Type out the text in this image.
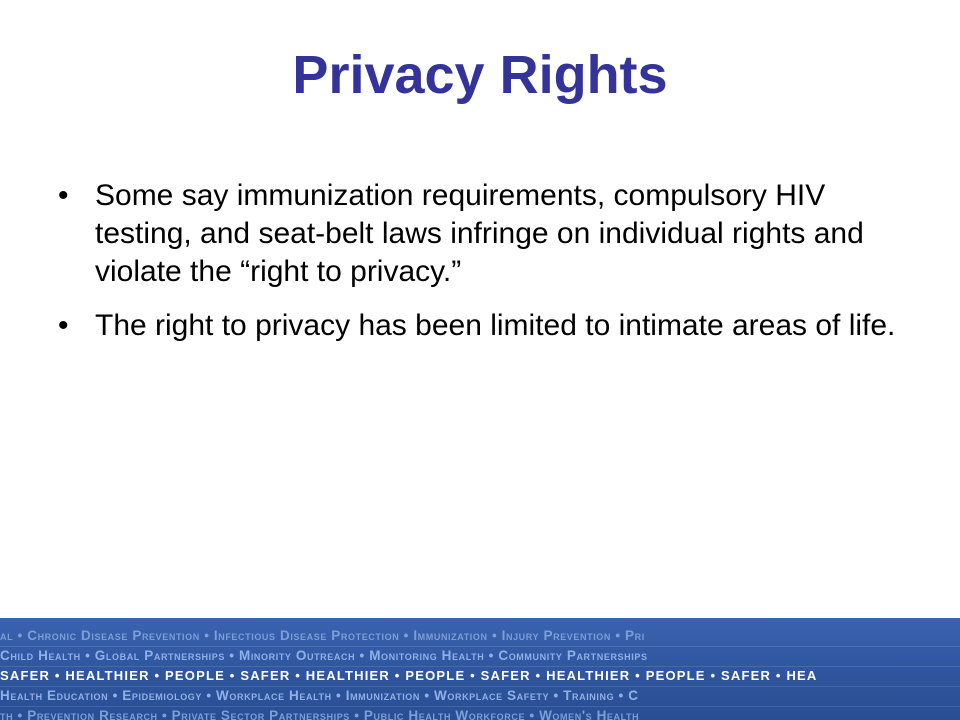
Privacy Rights
• Some say immunization requirements, compulsory HIV testing, and seat-belt laws infringe on individual rights and violate the “right to privacy.”
• The right to privacy has been limited to intimate areas of life.
al • Chronic Disease Prevention • Infectious Disease Protection • Immunization • Injury Prevention • Pri
Child Health • Global Partnerships • Minority Outreach • Monitoring Health • Community Partnerships
SAFER • HEALTHIER • PEOPLE • SAFER • HEALTHIER • PEOPLE • SAFER • HEALTHIER • PEOPLE • SAFER • HEA
Health Education • Epidemiology • Workplace Health • Immunization • Workplace Safety • Training • C
th • Prevention Research • Private Sector Partnerships • Public Health Workforce • Women's Health
